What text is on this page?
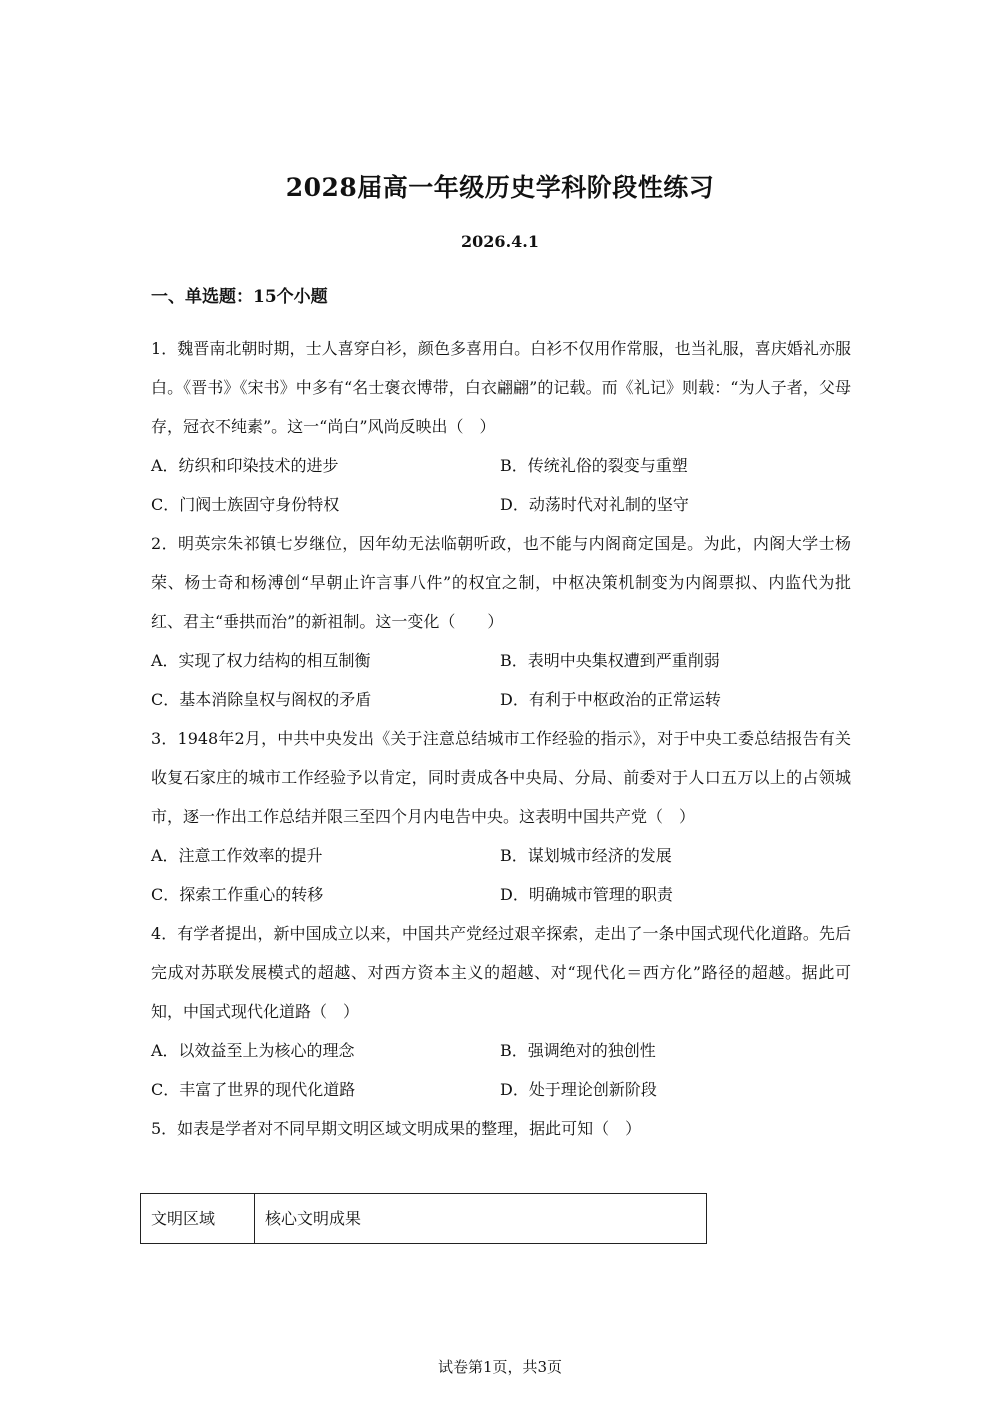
2028届高一年级历史学科阶段性练习
2026.4.1
一、单选题：15个小题

1．魏晋南北朝时期，士人喜穿白衫，颜色多喜用白。白衫不仅用作常服，也当礼服，喜庆婚礼亦服白。《晋书》《宋书》中多有“名士褒衣博带，白衣翩翩”的记载。而《礼记》则载：“为人子者，父母存，冠衣不纯素”。这一“尚白”风尚反映出（　）

A．纺织和印染技术的进步	B．传统礼俗的裂变与重塑
C．门阀士族固守身份特权	D．动荡时代对礼制的坚守

2．明英宗朱祁镇七岁继位，因年幼无法临朝听政，也不能与内阁商定国是。为此，内阁大学士杨荣、杨士奇和杨溥创“早朝止许言事八件”的权宜之制，中枢决策机制变为内阁票拟、内监代为批红、君主“垂拱而治”的新祖制。这一变化（　　）

A．实现了权力结构的相互制衡	B．表明中央集权遭到严重削弱
C．基本消除皇权与阁权的矛盾	D．有利于中枢政治的正常运转

3．1948年2月，中共中央发出《关于注意总结城市工作经验的指示》，对于中央工委总结报告有关收复石家庄的城市工作经验予以肯定，同时责成各中央局、分局、前委对于人口五万以上的占领城市，逐一作出工作总结并限三至四个月内电告中央。这表明中国共产党（　）

A．注意工作效率的提升	B．谋划城市经济的发展
C．探索工作重心的转移	D．明确城市管理的职责

4．有学者提出，新中国成立以来，中国共产党经过艰辛探索，走出了一条中国式现代化道路。先后完成对苏联发展模式的超越、对西方资本主义的超越、对“现代化＝西方化”路径的超越。据此可知，中国式现代化道路（　）

A．以效益至上为核心的理念	B．强调绝对的独创性
C．丰富了世界的现代化道路	D．处于理论创新阶段

5．如表是学者对不同早期文明区域文明成果的整理，据此可知（　）

文明区域	核心文明成果
试卷第1页，共3页
